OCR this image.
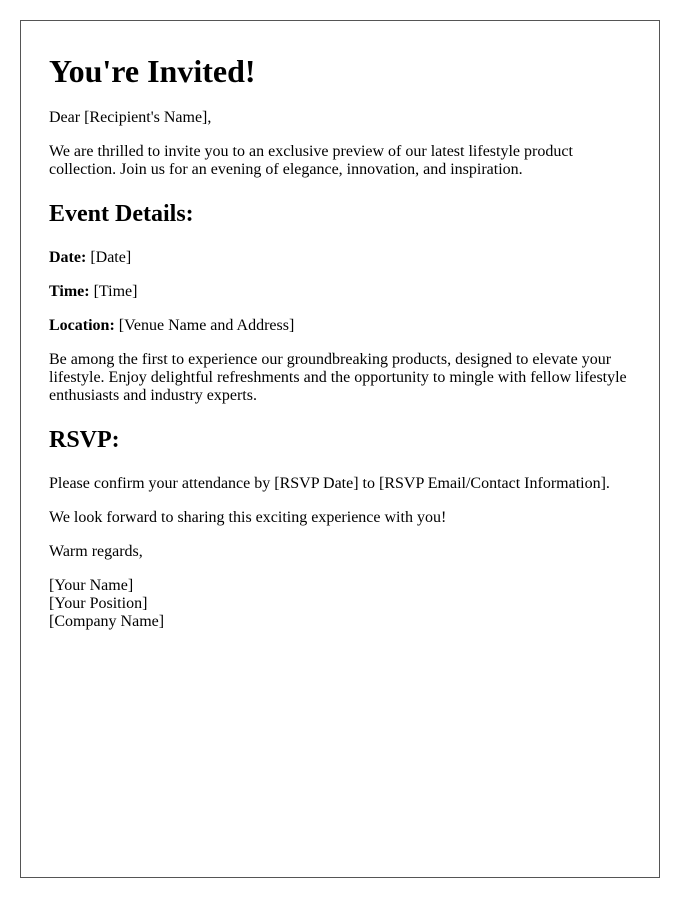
You're Invited!

Dear [Recipient's Name],

We are thrilled to invite you to an exclusive preview of our latest lifestyle product collection. Join us for an evening of elegance, innovation, and inspiration.

Event Details:

Date: [Date]

Time: [Time]

Location: [Venue Name and Address]

Be among the first to experience our groundbreaking products, designed to elevate your lifestyle. Enjoy delightful refreshments and the opportunity to mingle with fellow lifestyle enthusiasts and industry experts.

RSVP:

Please confirm your attendance by [RSVP Date] to [RSVP Email/Contact Information].

We look forward to sharing this exciting experience with you!

Warm regards,

[Your Name]
[Your Position]
[Company Name]
